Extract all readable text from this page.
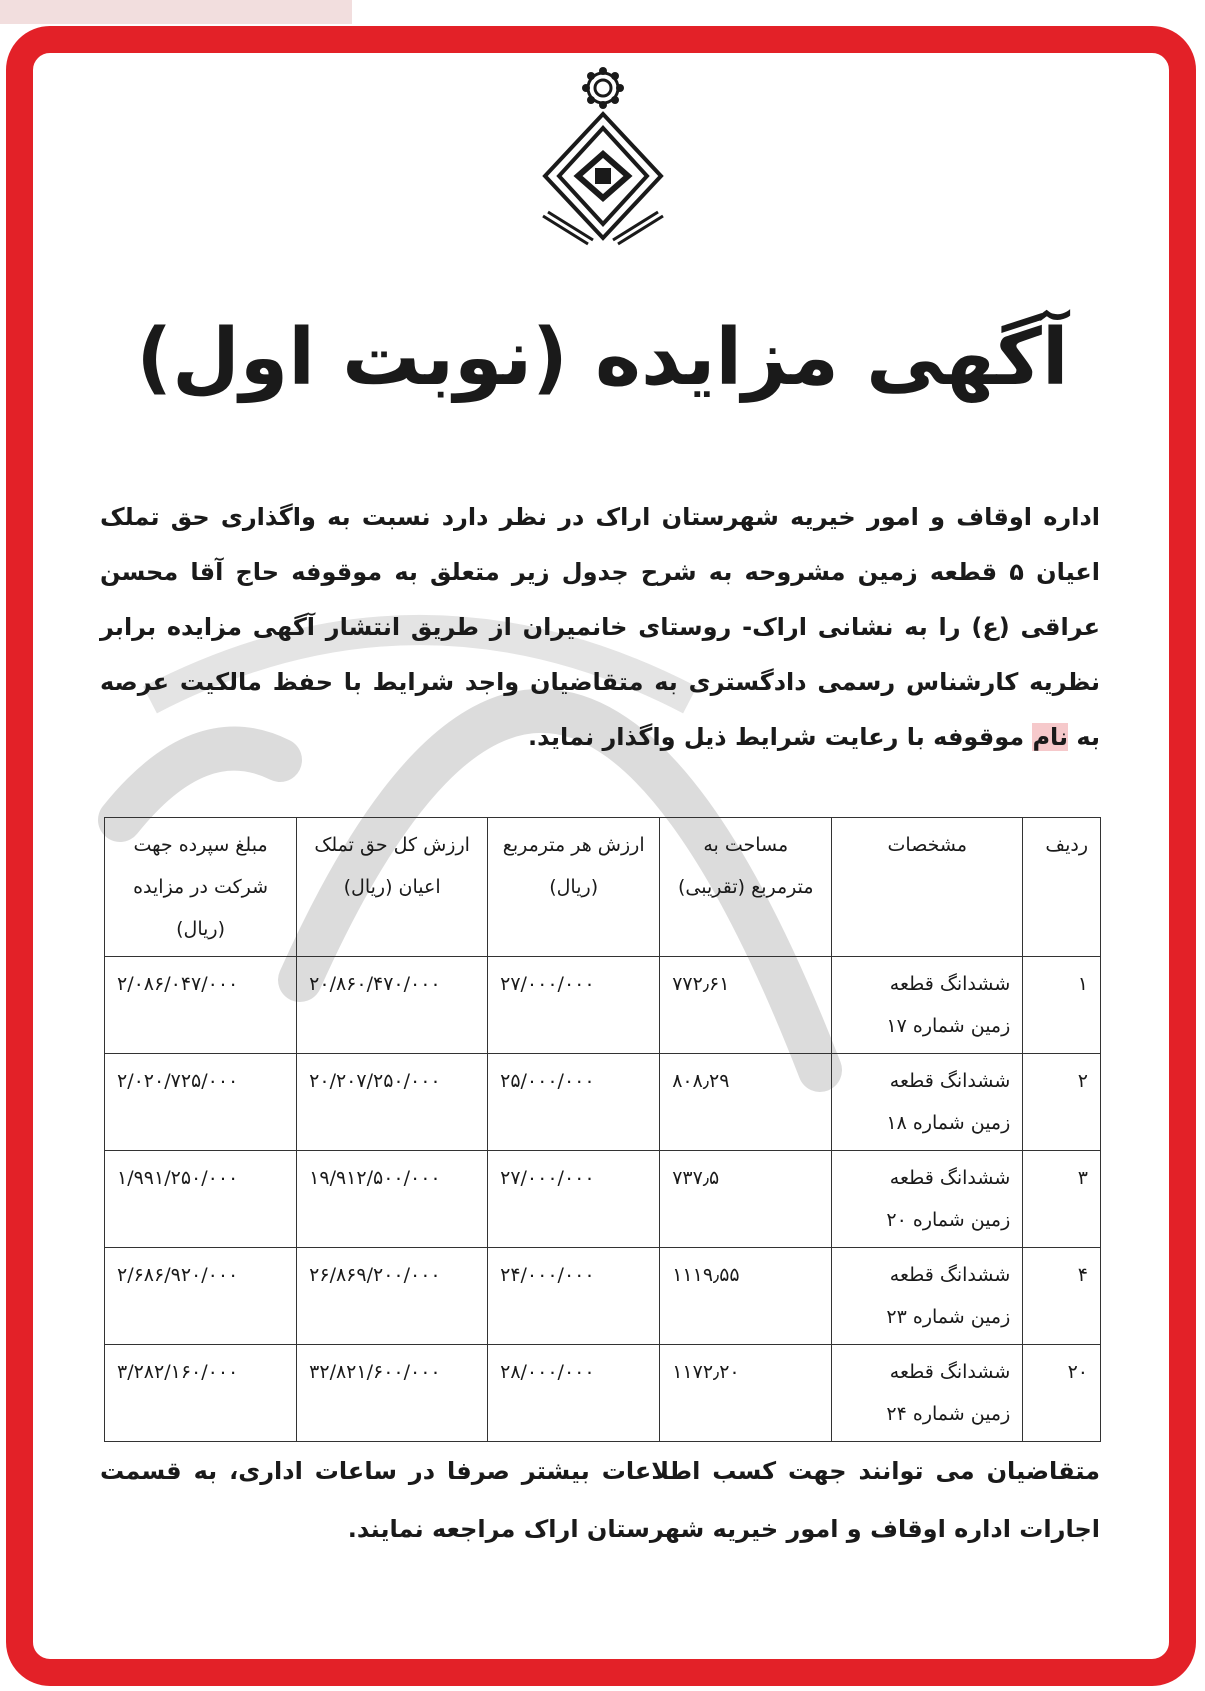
آگهی مزایده (نوبت اول)
اداره اوقاف و امور خیریه شهرستان اراک در نظر دارد نسبت به واگذاری حق تملک اعیان ۵ قطعه زمین مشروحه به شرح جدول زیر متعلق به موقوفه حاج آقا محسن عراقی (ع) را به نشانی اراک- روستای خانمیران از طریق انتشار آگهی مزایده برابر نظریه کارشناس رسمی دادگستری به متقاضیان واجد شرایط با حفظ مالکیت عرصه به نام موقوفه با رعایت شرایط ذیل واگذار نماید.
ردیف	مشخصات	مساحت به مترمربع (تقریبی)	ارزش هر مترمربع (ریال)	ارزش کل حق تملک اعیان (ریال)	مبلغ سپرده جهت شرکت در مزایده (ریال)
۱	ششدانگ قطعه زمین شماره ۱۷	۷۷۲٫۶۱	۲۷/۰۰۰/۰۰۰	۲۰/۸۶۰/۴۷۰/۰۰۰	۲/۰۸۶/۰۴۷/۰۰۰
۲	ششدانگ قطعه زمین شماره ۱۸	۸۰۸٫۲۹	۲۵/۰۰۰/۰۰۰	۲۰/۲۰۷/۲۵۰/۰۰۰	۲/۰۲۰/۷۲۵/۰۰۰
۳	ششدانگ قطعه زمین شماره ۲۰	۷۳۷٫۵	۲۷/۰۰۰/۰۰۰	۱۹/۹۱۲/۵۰۰/۰۰۰	۱/۹۹۱/۲۵۰/۰۰۰
۴	ششدانگ قطعه زمین شماره ۲۳	۱۱۱۹٫۵۵	۲۴/۰۰۰/۰۰۰	۲۶/۸۶۹/۲۰۰/۰۰۰	۲/۶۸۶/۹۲۰/۰۰۰
۲۰	ششدانگ قطعه زمین شماره ۲۴	۱۱۷۲٫۲۰	۲۸/۰۰۰/۰۰۰	۳۲/۸۲۱/۶۰۰/۰۰۰	۳/۲۸۲/۱۶۰/۰۰۰
متقاضیان می توانند جهت کسب اطلاعات بیشتر صرفا در ساعات اداری، به قسمت اجارات اداره اوقاف و امور خیریه شهرستان اراک مراجعه نمایند.
